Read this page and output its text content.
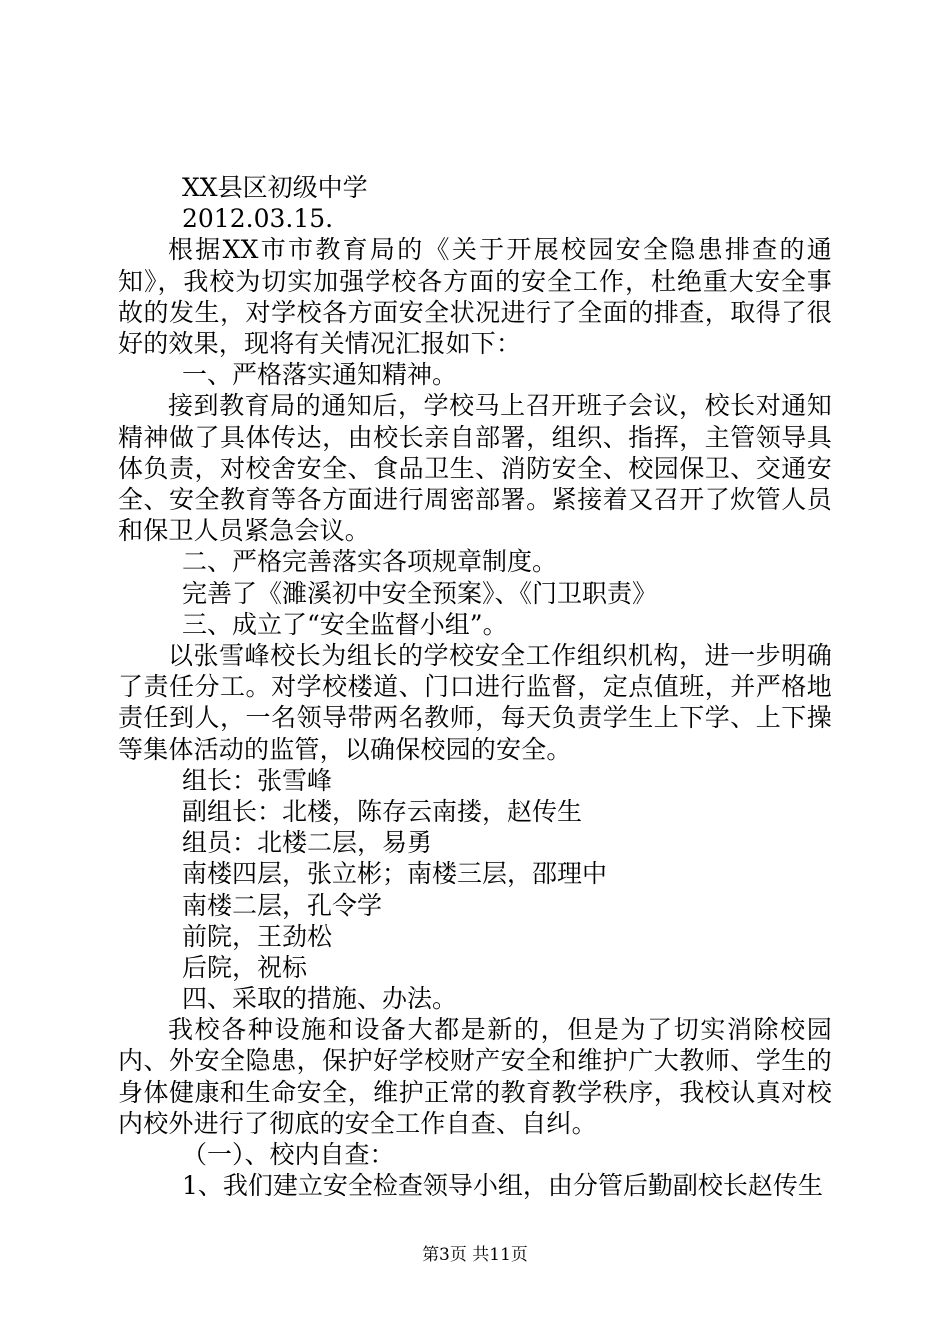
XX县区初级中学
2012.03.15.
根据XX市市教育局的《关于开展校园安全隐患排查的通知》，我校为切实加强学校各方面的安全工作，杜绝重大安全事故的发生，对学校各方面安全状况进行了全面的排查，取得了很好的效果，现将有关情况汇报如下：
一、严格落实通知精神。
接到教育局的通知后，学校马上召开班子会议，校长对通知精神做了具体传达，由校长亲自部署，组织、指挥，主管领导具体负责，对校舍安全、食品卫生、消防安全、校园保卫、交通安全、安全教育等各方面进行周密部署。紧接着又召开了炊管人员和保卫人员紧急会议。
二、严格完善落实各项规章制度。
完善了《濉溪初中安全预案》、《门卫职责》
三、成立了“安全监督小组”。
以张雪峰校长为组长的学校安全工作组织机构，进一步明确了责任分工。对学校楼道、门口进行监督，定点值班，并严格地责任到人，一名领导带两名教师，每天负责学生上下学、上下操等集体活动的监管，以确保校园的安全。
组长：张雪峰
副组长：北楼，陈存云南搂，赵传生
组员：北楼二层，易勇
南楼四层，张立彬；南楼三层，邵理中
南楼二层，孔令学
前院，王劲松
后院，祝标
四、采取的措施、办法。
我校各种设施和设备大都是新的，但是为了切实消除校园内、外安全隐患，保护好学校财产安全和维护广大教师、学生的身体健康和生命安全，维护正常的教育教学秩序，我校认真对校内校外进行了彻底的安全工作自查、自纠。
（一）、校内自查：
1、我们建立安全检查领导小组，由分管后勤副校长赵传生
第3页 共11页
